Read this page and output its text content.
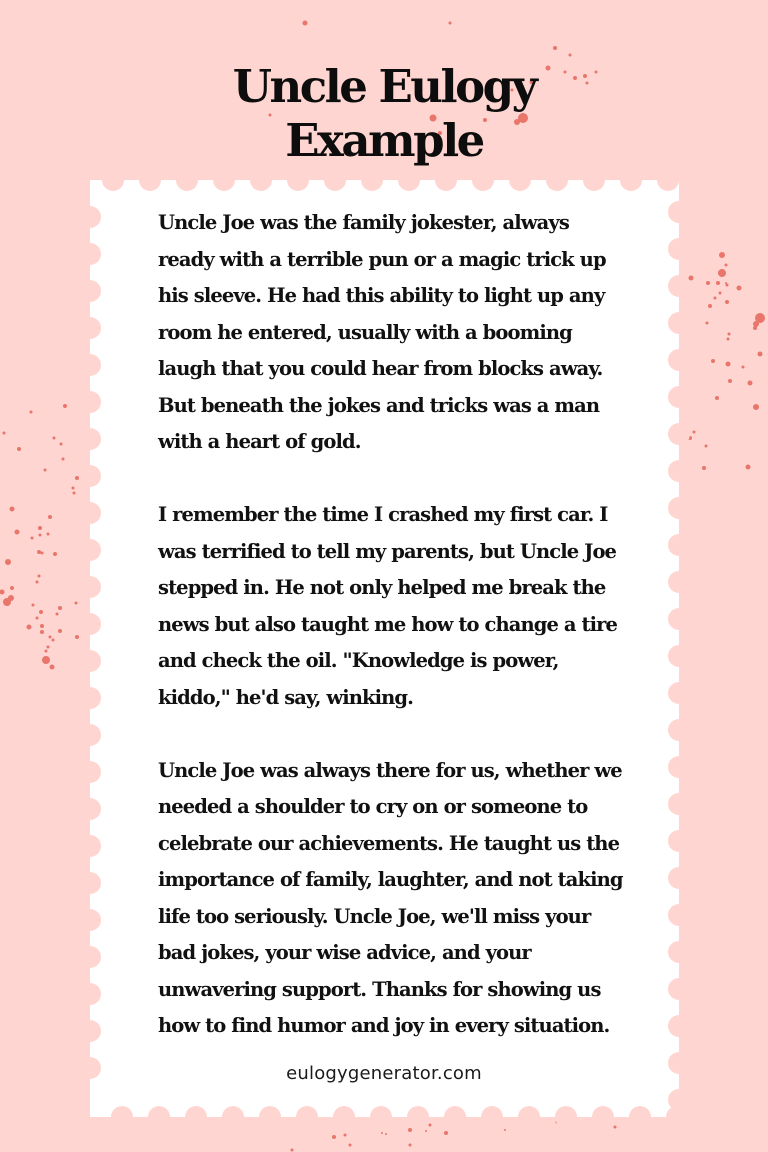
Uncle Eulogy
Example

Uncle Joe was the family jokester, always ready with a terrible pun or a magic trick up his sleeve. He had this ability to light up any room he entered, usually with a booming laugh that you could hear from blocks away. But beneath the jokes and tricks was a man with a heart of gold.

I remember the time I crashed my first car. I was terrified to tell my parents, but Uncle Joe stepped in. He not only helped me break the news but also taught me how to change a tire and check the oil. "Knowledge is power, kiddo," he'd say, winking.

Uncle Joe was always there for us, whether we needed a shoulder to cry on or someone to celebrate our achievements. He taught us the importance of family, laughter, and not taking life too seriously. Uncle Joe, we'll miss your bad jokes, your wise advice, and your unwavering support. Thanks for showing us how to find humor and joy in every situation.

eulogygenerator.com
